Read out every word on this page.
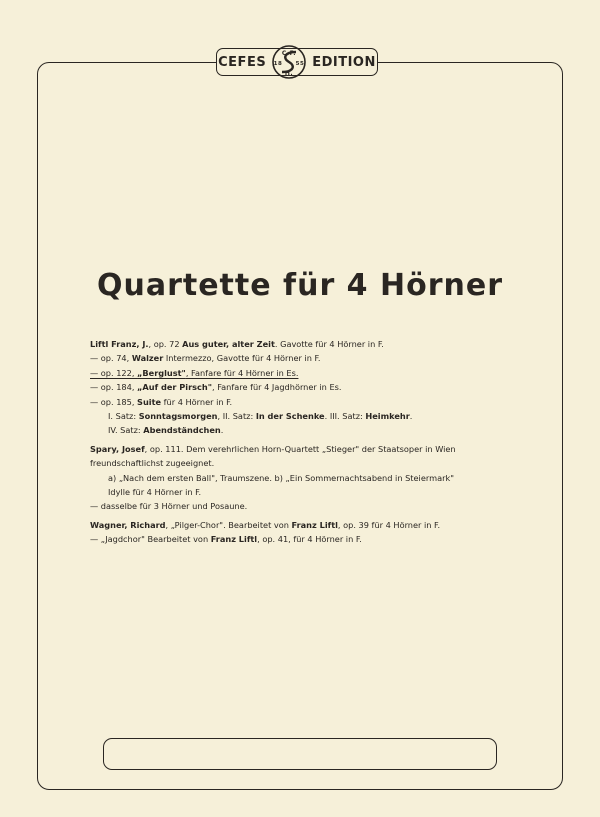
CEFES
C.F.
18 55
H.
EDITION
Quartette für 4 Hörner
Liftl Franz, J., op. 72 Aus guter, alter Zeit. Gavotte für 4 Hörner in F.
— op. 74, Walzer Intermezzo, Gavotte für 4 Hörner in F.
— op. 122, „Berglust", Fanfare für 4 Hörner in Es.
— op. 184, „Auf der Pirsch", Fanfare für 4 Jagdhörner in Es.
— op. 185, Suite für 4 Hörner in F.
I. Satz: Sonntagsmorgen, II. Satz: In der Schenke. III. Satz: Heimkehr.
IV. Satz: Abendständchen.
Spary, Josef, op. 111. Dem verehrlichen Horn-Quartett „Stieger" der Staatsoper in Wien
freundschaftlichst zugeeignet.
a) „Nach dem ersten Ball", Traumszene. b) „Ein Sommernachtsabend in Steiermark"
Idylle für 4 Hörner in F.
— dasselbe für 3 Hörner und Posaune.
Wagner, Richard, „Pilger-Chor". Bearbeitet von Franz Liftl, op. 39 für 4 Hörner in F.
— „Jagdchor" Bearbeitet von Franz Liftl, op. 41, für 4 Hörner in F.
